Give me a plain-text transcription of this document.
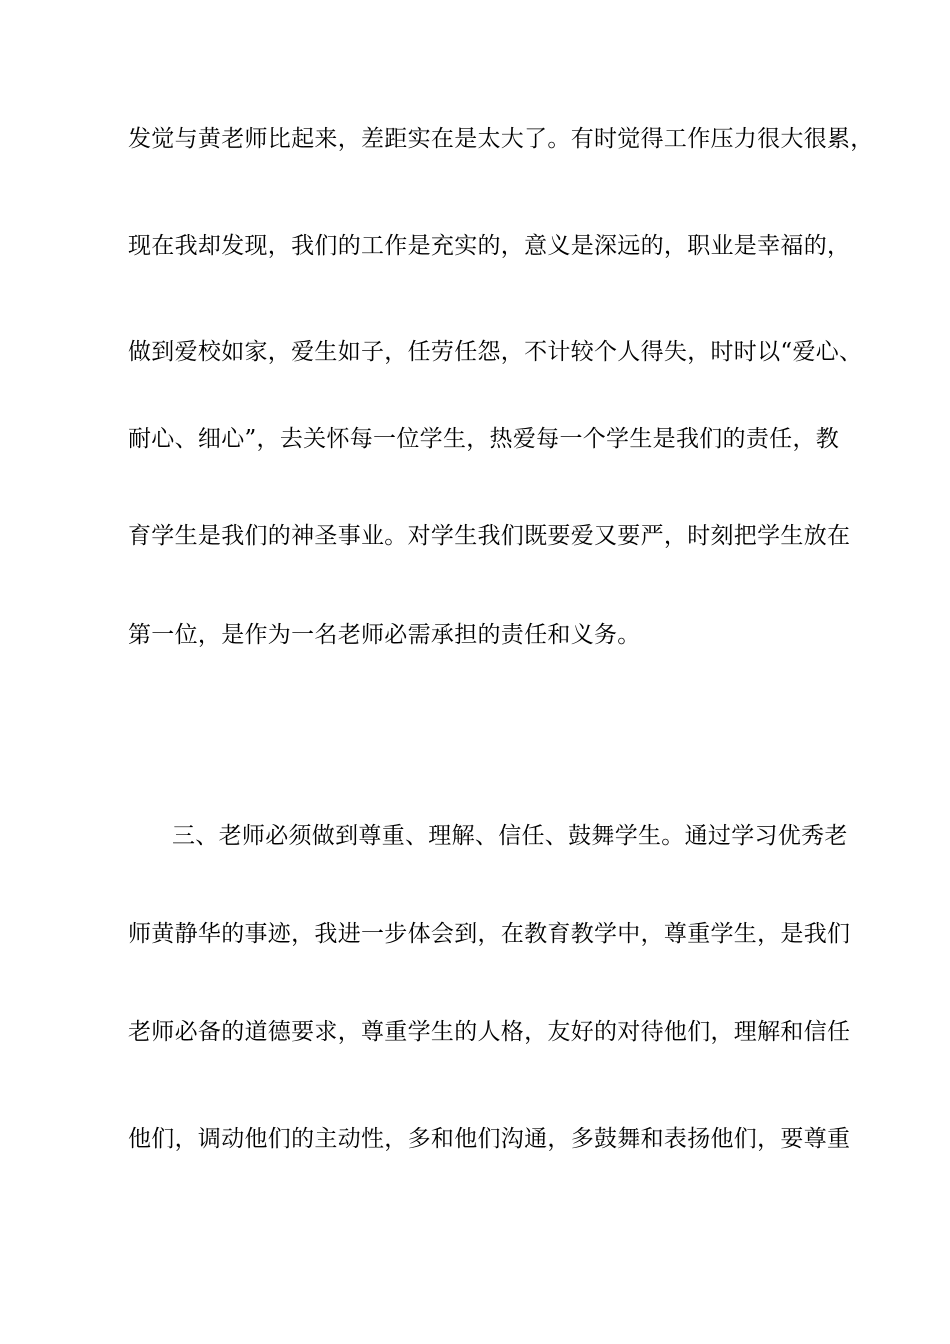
发觉与黄老师比起来，差距实在是太大了。有时觉得工作压力很大很累，
现在我却发现，我们的工作是充实的，意义是深远的，职业是幸福的，
做到爱校如家，爱生如子，任劳任怨，不计较个人得失，时时以“爱心、
耐心、细心”，去关怀每一位学生，热爱每一个学生是我们的责任，教
育学生是我们的神圣事业。对学生我们既要爱又要严，时刻把学生放在
第一位，是作为一名老师必需承担的责任和义务。
三、老师必须做到尊重、理解、信任、鼓舞学生。通过学习优秀老
师黄静华的事迹，我进一步体会到，在教育教学中，尊重学生，是我们
老师必备的道德要求，尊重学生的人格，友好的对待他们，理解和信任
他们，调动他们的主动性，多和他们沟通，多鼓舞和表扬他们，要尊重
